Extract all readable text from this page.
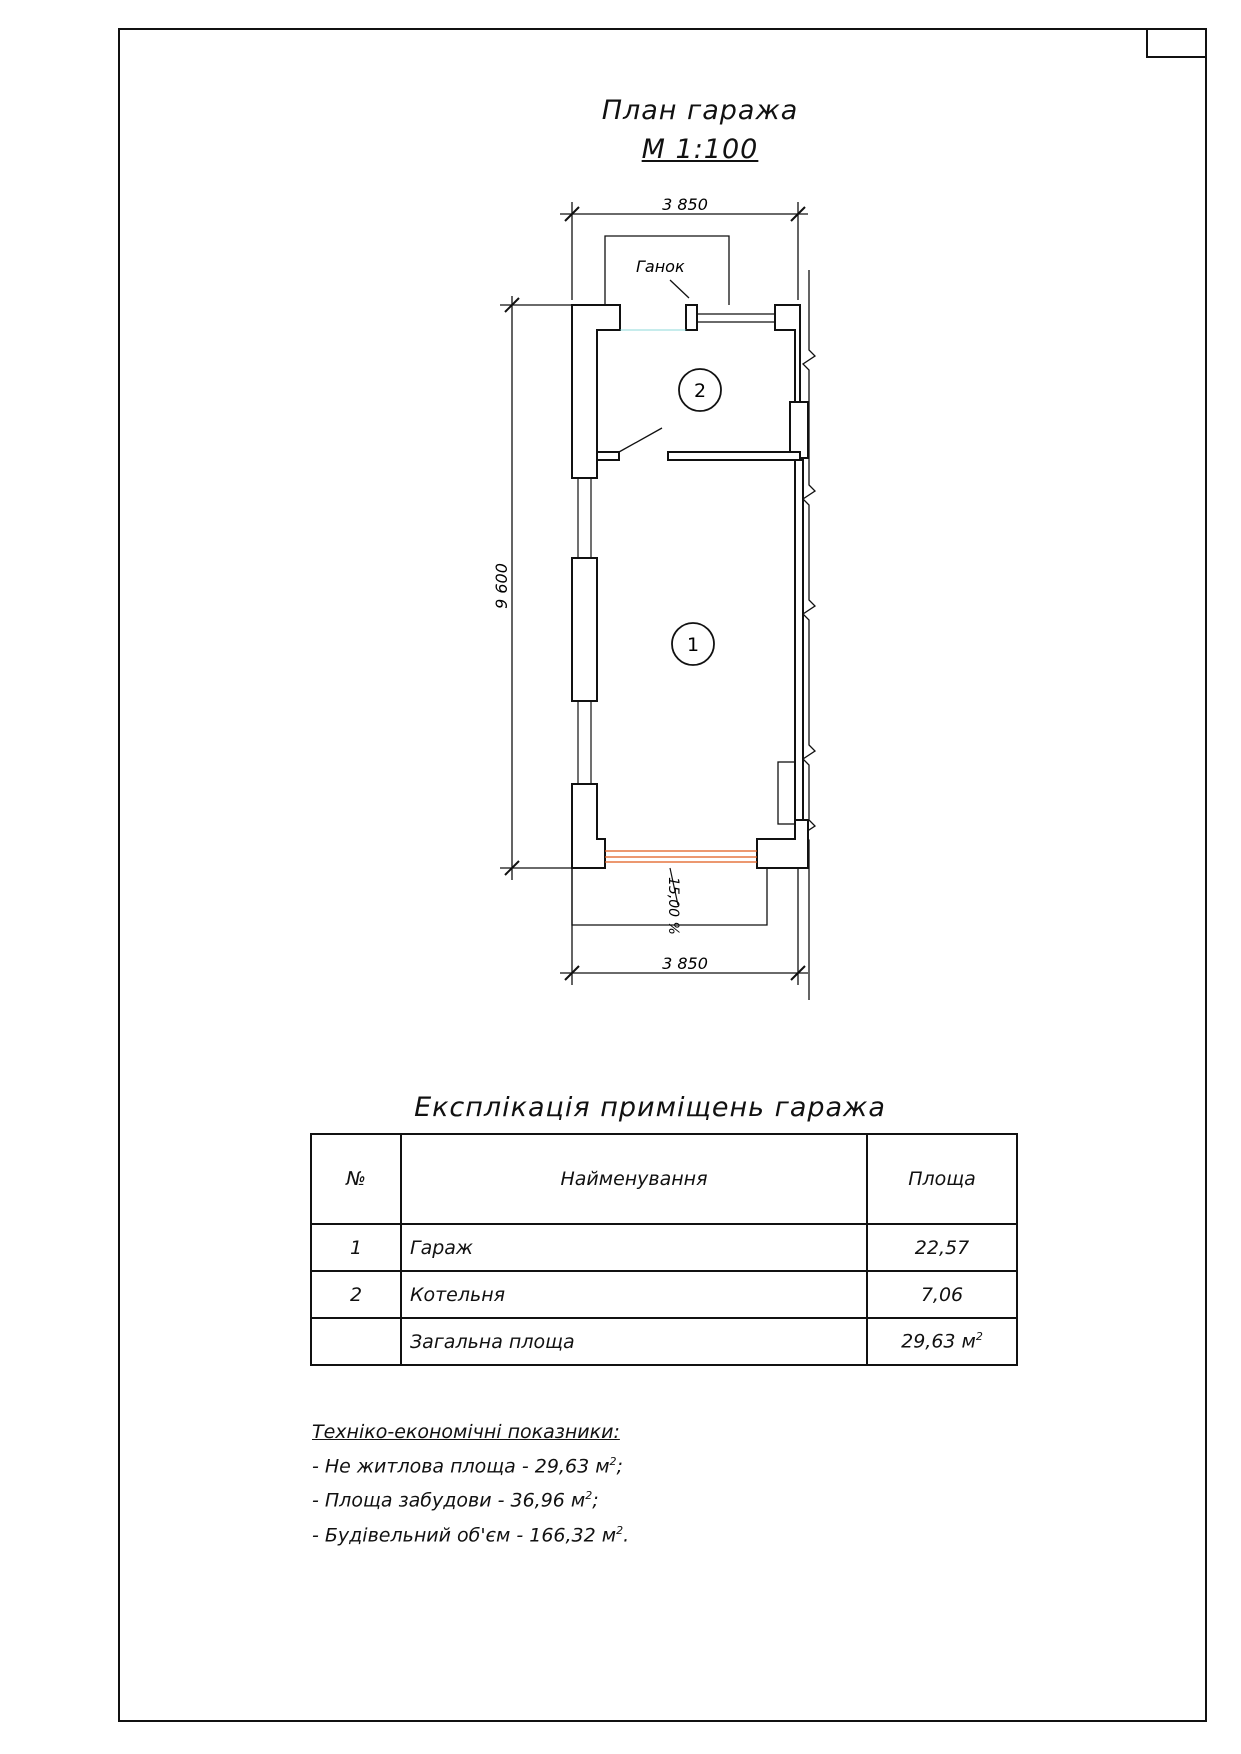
План гаража
М 1:100
2
1
3 850
3 850
9 600
Ганок
15,00 %
Експлікація приміщень гаража
№	Найменування	Площа
1	Гараж	22,57
2	Котельня	7,06
	Загальна площа	29,63 $м^2$
Техніко-економічні показники:
- Не житлова площа - 29,63 $м^2$;
- Площа забудови - 36,96 $м^2$;
- Будівельний об'єм - 166,32 $м^2$.
